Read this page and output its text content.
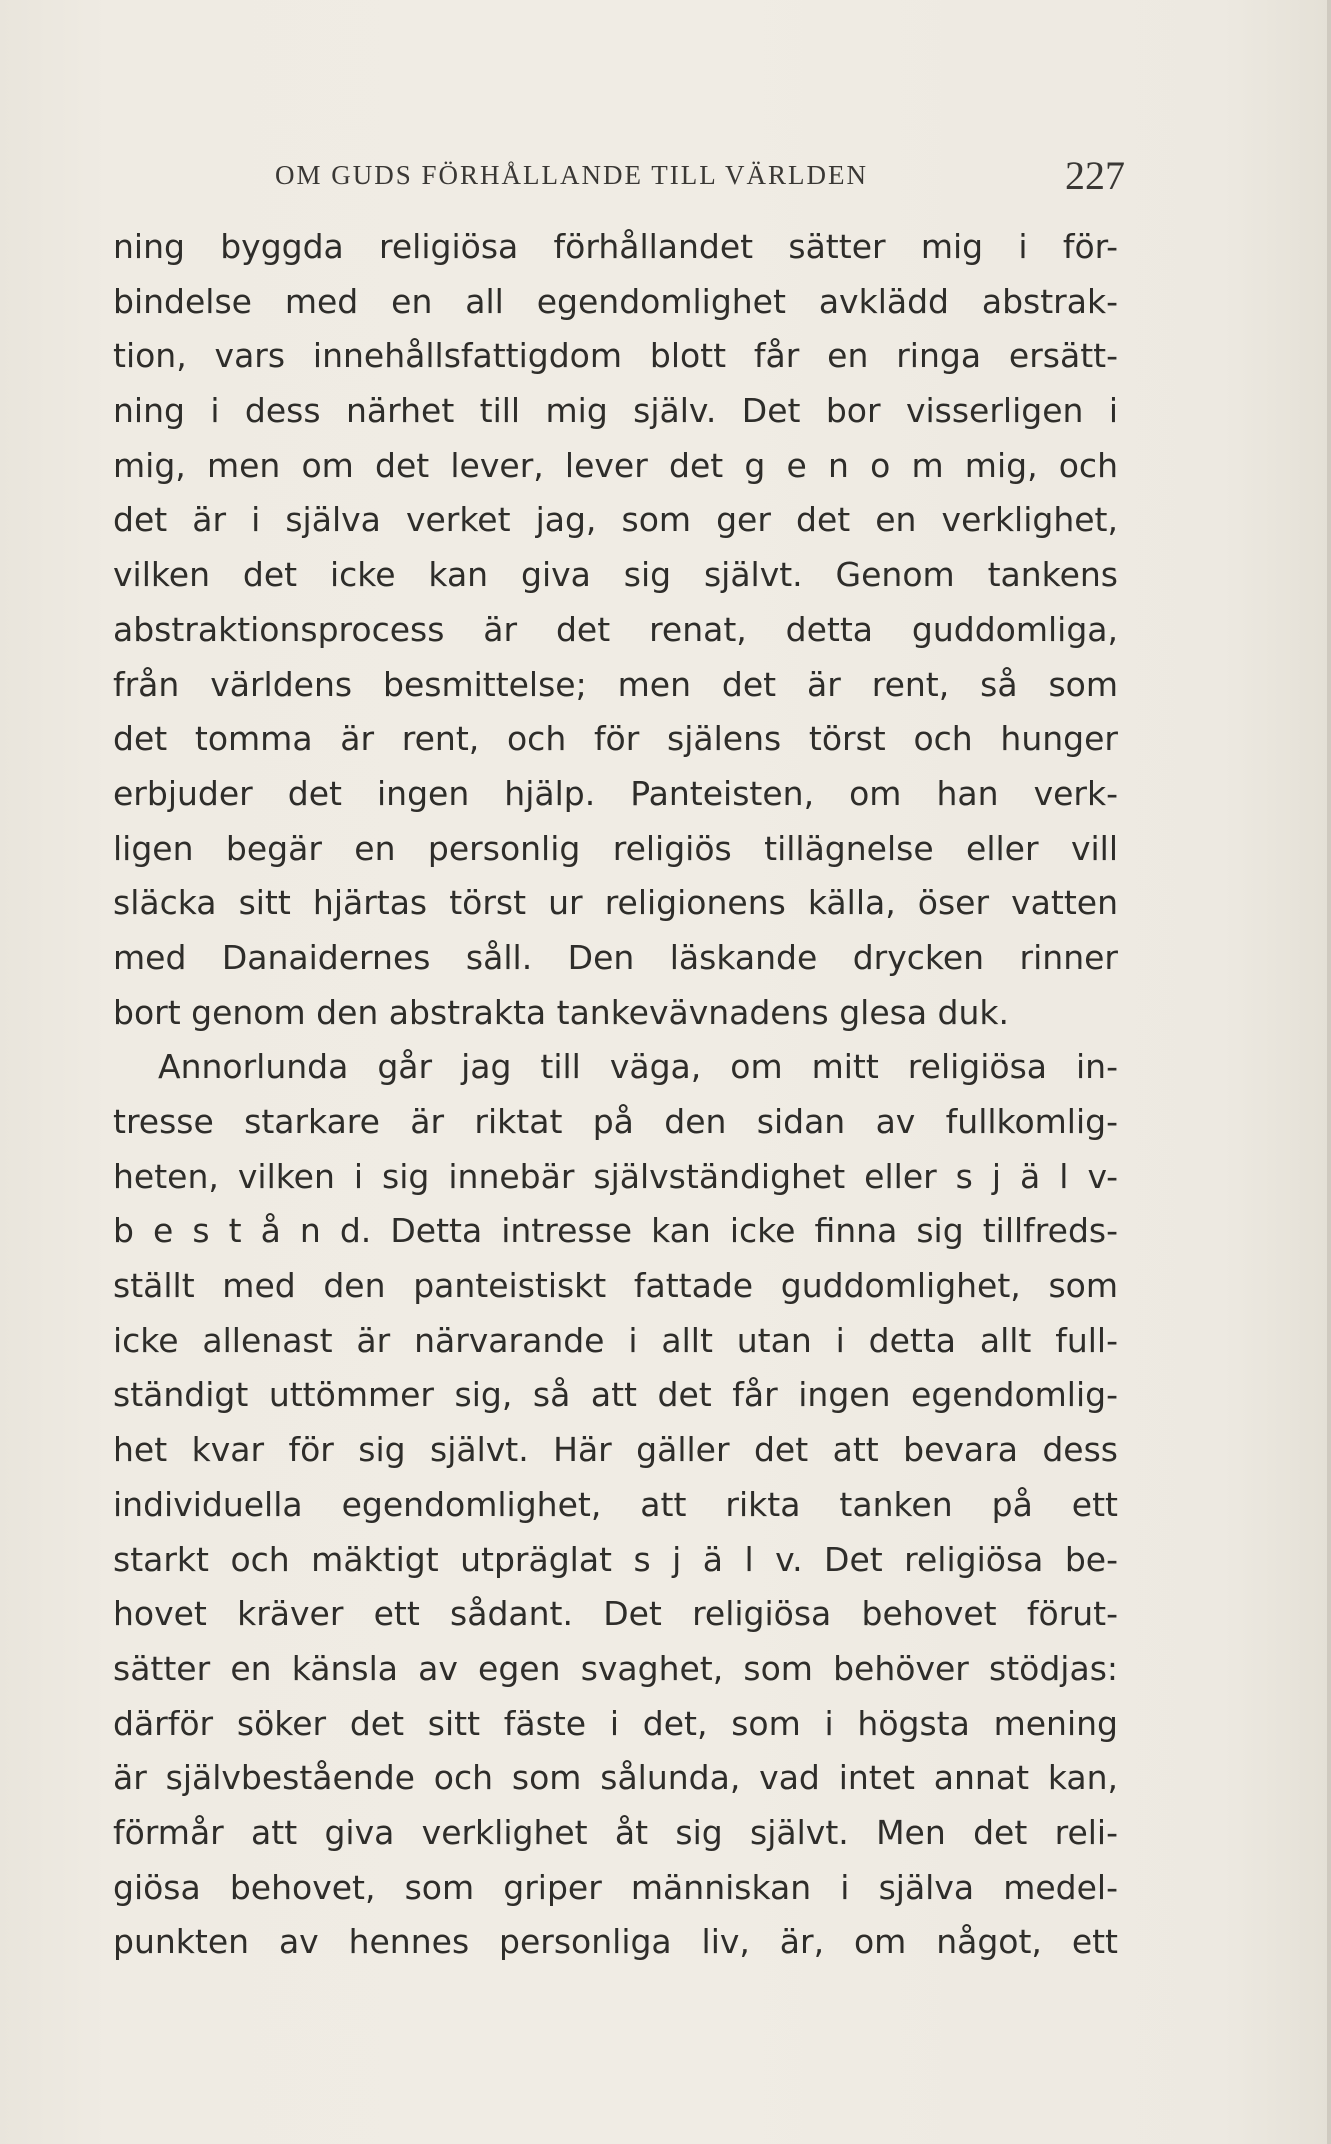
OM GUDS FÖRHÅLLANDE TILL VÄRLDEN	227
ning byggda religiösa förhållandet sätter mig i för-
bindelse med en all egendomlighet avklädd abstrak-
tion, vars innehållsfattigdom blott får en ringa ersätt-
ning i dess närhet till mig själv. Det bor visserligen i
mig, men om det lever, lever det g e n o m mig, och
det är i själva verket jag, som ger det en verklighet,
vilken det icke kan giva sig självt. Genom tankens
abstraktionsprocess är det renat, detta guddomliga,
från världens besmittelse; men det är rent, så som
det tomma är rent, och för själens törst och hunger
erbjuder det ingen hjälp. Panteisten, om han verk-
ligen begär en personlig religiös tillägnelse eller vill
släcka sitt hjärtas törst ur religionens källa, öser vatten
med Danaidernes såll. Den läskande drycken rinner
bort genom den abstrakta tankevävnadens glesa duk.
Annorlunda går jag till väga, om mitt religiösa in-
tresse starkare är riktat på den sidan av fullkomlig-
heten, vilken i sig innebär självständighet eller s j ä l v-
b e s t å n d. Detta intresse kan icke finna sig tillfreds-
ställt med den panteistiskt fattade guddomlighet, som
icke allenast är närvarande i allt utan i detta allt full-
ständigt uttömmer sig, så att det får ingen egendomlig-
het kvar för sig självt. Här gäller det att bevara dess
individuella egendomlighet, att rikta tanken på ett
starkt och mäktigt utpräglat s j ä l v. Det religiösa be-
hovet kräver ett sådant. Det religiösa behovet förut-
sätter en känsla av egen svaghet, som behöver stödjas:
därför söker det sitt fäste i det, som i högsta mening
är självbestående och som sålunda, vad intet annat kan,
förmår att giva verklighet åt sig självt. Men det reli-
giösa behovet, som griper människan i själva medel-
punkten av hennes personliga liv, är, om något, ett
